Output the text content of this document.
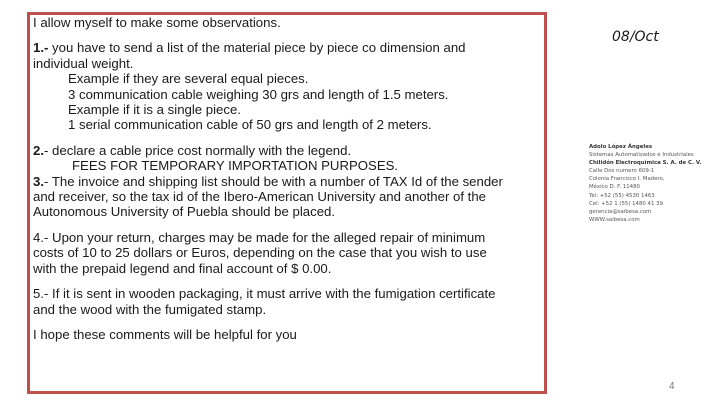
I allow myself to make some observations.

1.- you have to send a list of the material piece by piece co dimension and

individual weight.

Example if they are several equal pieces.

3 communication cable weighing 30 grs and length of 1.5 meters.

Example if it is a single piece.

1 serial communication cable of 50 grs and length of 2 meters.

2.- declare a cable price cost normally with the legend.

FEES FOR TEMPORARY IMPORTATION PURPOSES.

3.- The invoice and shipping list should be with a number of TAX Id of the sender

and receiver, so the tax id of the Ibero-American University and another of the

Autonomous University of Puebla should be placed.

4.- Upon your return, charges may be made for the alleged repair of minimum

costs of 10 to 25 dollars or Euros, depending on the case that you wish to use

with the prepaid legend and final account of $ 0.00.

5.- If it is sent in wooden packaging, it must arrive with the fumigation certificate

and the wood with the fumigated stamp.

I hope these comments will be helpful for you

08/Oct
Adolo López Ángeles
Sistemas Automatizados e Industriales
Chilidón Electroquímica S. A. de C. V.
Calle Dos numero 609-1
Colonia Francisco I. Madero,
México D. F. 11480
Tel: +52 (55) 4530 1463
Cel: +52 1 (55) 1480 41 39
gerencia@saibesa.com
WWW.saibesa.com
4
